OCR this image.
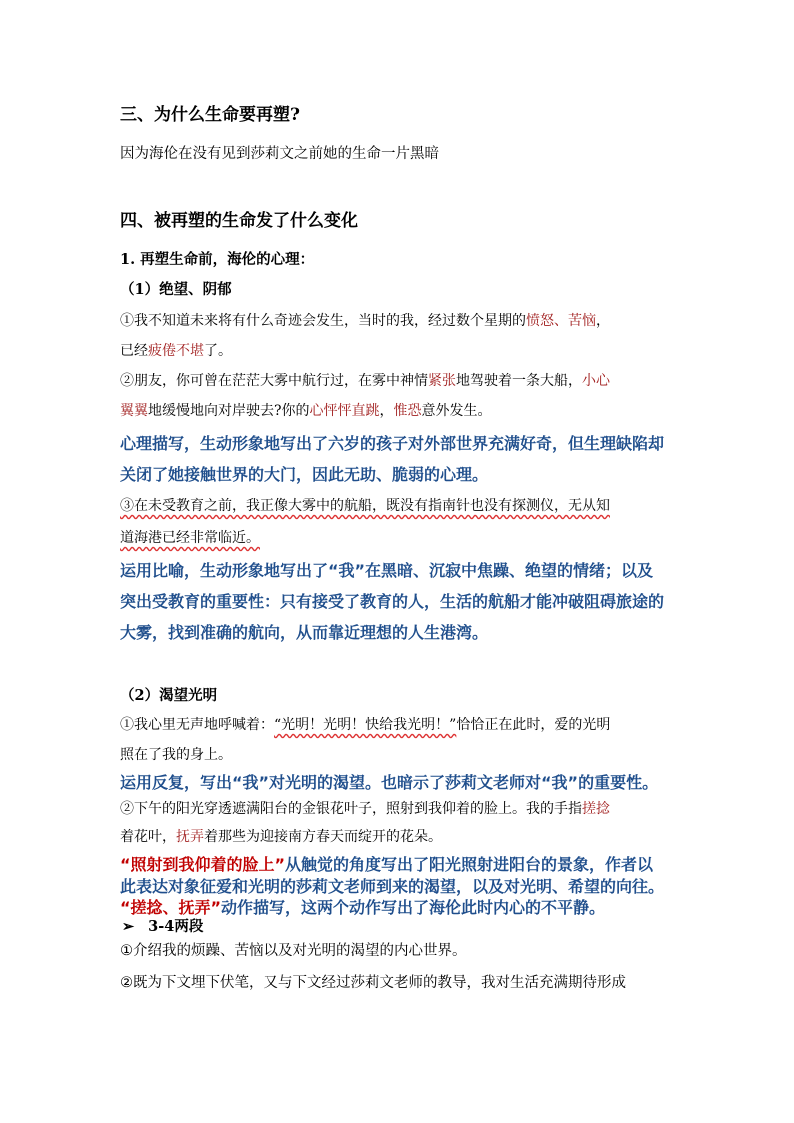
三、为什么生命要再塑?
因为海伦在没有见到莎莉文之前她的生命一片黑暗
四、被再塑的生命发了什么变化
1. 再塑生命前，海伦的心理：
（1）绝望、阴郁
①我不知道未来将有什么奇迹会发生，当时的我，经过数个星期的愤怒、苦恼，
已经疲倦不堪了。
②朋友，你可曾在茫茫大雾中航行过，在雾中神情紧张地驾驶着一条大船，小心
翼翼地缓慢地向对岸驶去?你的心怦怦直跳，惟恐意外发生。
心理描写，生动形象地写出了六岁的孩子对外部世界充满好奇，但生理缺陷却
关闭了她接触世界的大门，因此无助、脆弱的心理。
③在未受教育之前，我正像大雾中的航船，既没有指南针也没有探测仪，无从知
道海港已经非常临近。
运用比喻，生动形象地写出了“我”在黑暗、沉寂中焦躁、绝望的情绪；以及
突出受教育的重要性：只有接受了教育的人，生活的航船才能冲破阻碍旅途的
大雾，找到准确的航向，从而靠近理想的人生港湾。
（2）渴望光明
①我心里无声地呼喊着：“光明！光明！快给我光明！”恰恰正在此时，爱的光明
照在了我的身上。
运用反复，写出“我”对光明的渴望。也暗示了莎莉文老师对“我”的重要性。
②下午的阳光穿透遮满阳台的金银花叶子，照射到我仰着的脸上。我的手指搓捻
着花叶，抚弄着那些为迎接南方春天而绽开的花朵。
“照射到我仰着的脸上”从触觉的角度写出了阳光照射进阳台的景象，作者以
此表达对象征爱和光明的莎莉文老师到来的渴望，以及对光明、希望的向往。
“搓捻、抚弄”动作描写，这两个动作写出了海伦此时内心的不平静。
➢ 3-4两段
①介绍我的烦躁、苦恼以及对光明的渴望的内心世界。
②既为下文埋下伏笔，又与下文经过莎莉文老师的教导，我对生活充满期待形成
